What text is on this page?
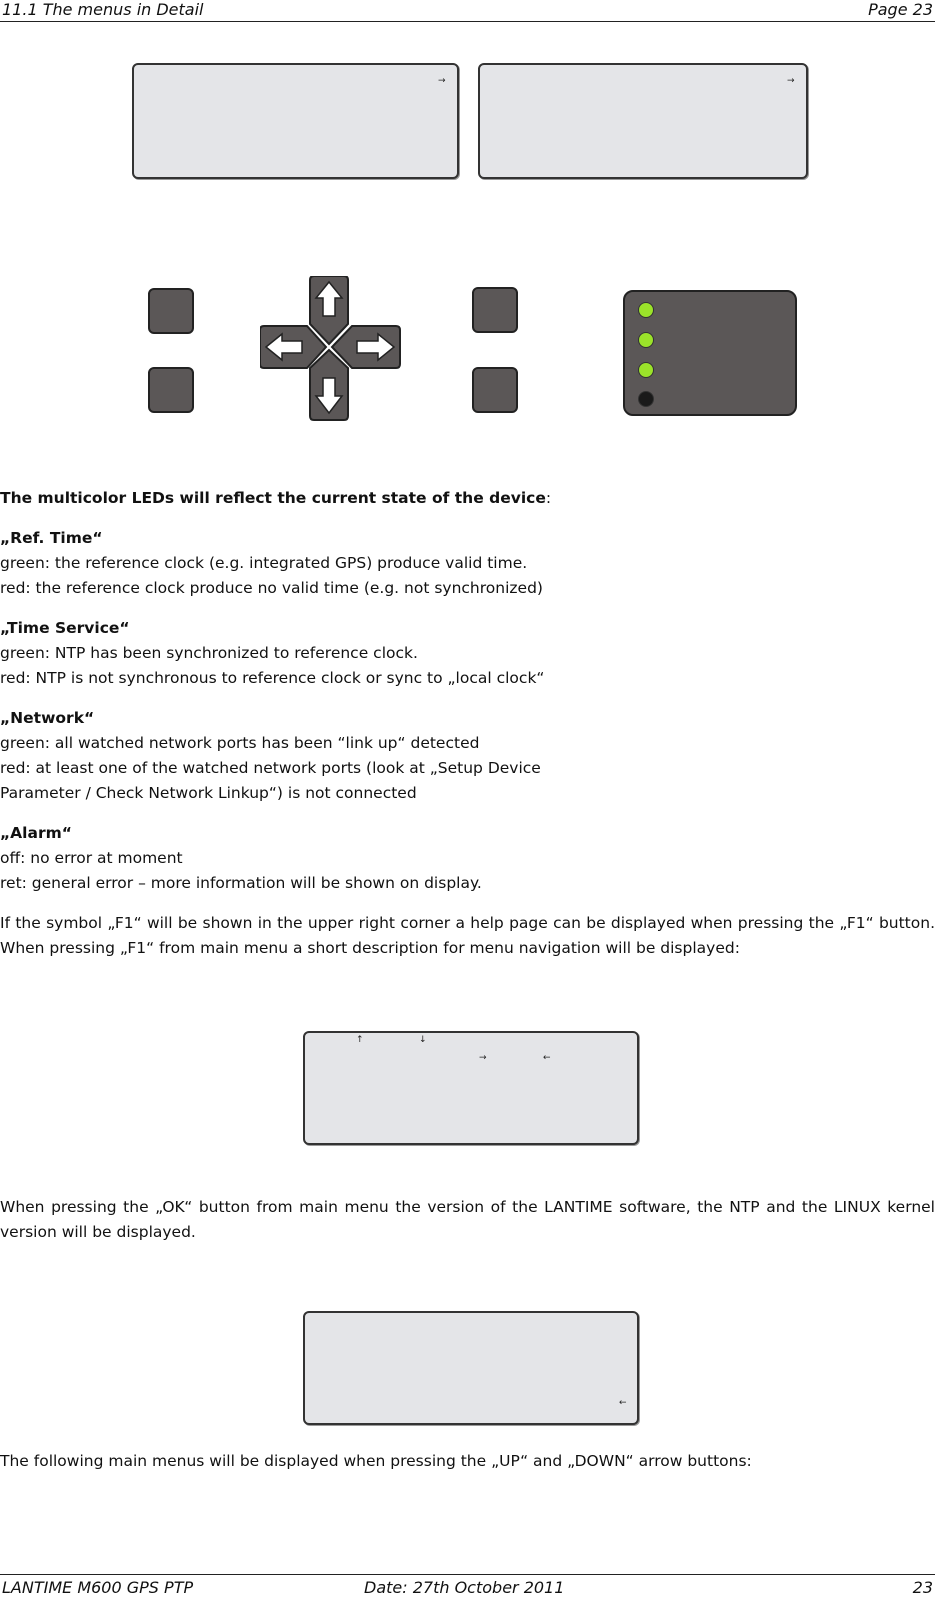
11.1 The menus in Detail	Page 23
→	→

The multicolor LEDs will reflect the current state of the device:

„Ref. Time“

green: the reference clock (e.g. integrated GPS) produce valid time.

red: the reference clock produce no valid time (e.g. not synchronized)

„Time Service“

green: NTP has been synchronized to reference clock.

red: NTP is not synchronous to reference clock or sync to „local clock“

„Network“

green: all watched network ports has been “link up“ detected

red: at least one of the watched network ports (look at „Setup Device

Parameter / Check Network Linkup“) is not connected

„Alarm“

off: no error at moment

ret: general error – more information will be shown on display.

If the symbol „F1“ will be shown in the upper right corner a help page can be displayed when pressing the „F1“ button. When pressing „F1“ from main menu a short description for menu navigation will be displayed:

↑	↓
→	←

When pressing the „OK“ button from main menu the version of the LANTIME software, the NTP and the LINUX kernel version will be displayed.

←

The following main menus will be displayed when pressing the „UP“ and „DOWN“ arrow buttons:

LANTIME M600 GPS PTP	Date: 27th October 2011	23
